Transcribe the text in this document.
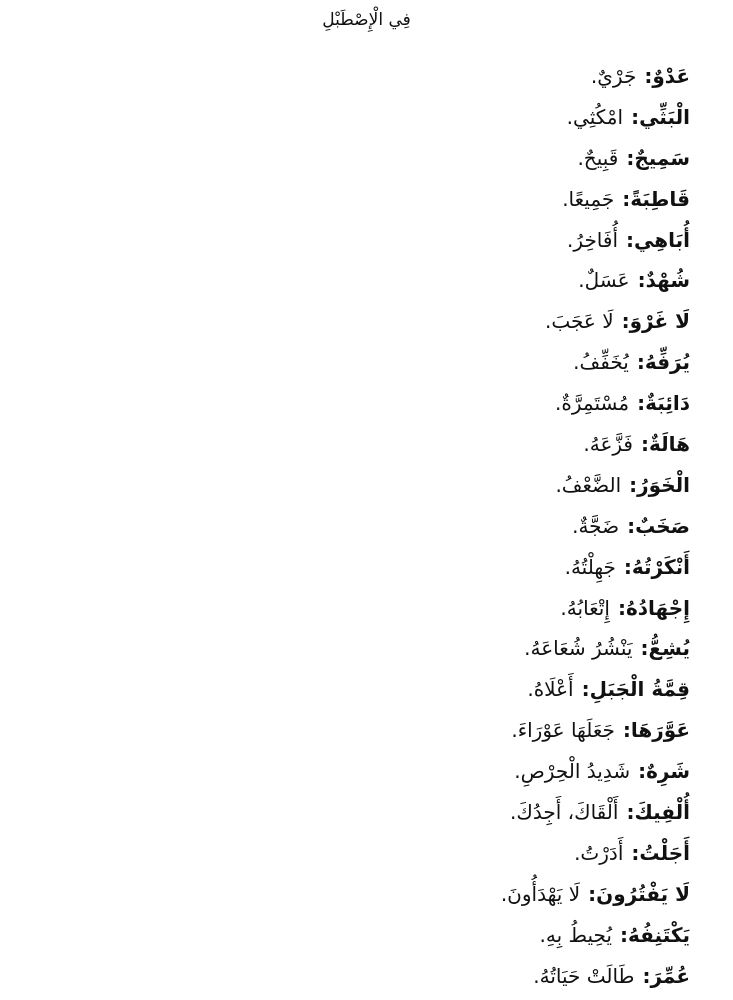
فِي الْإِصْطَبْلِ
عَدْوٌ:جَرْيٌ.
الْبَثِّي:امْكُثِي.
سَمِيجٌ:قَبِيحٌ.
قَاطِبَةً:جَمِيعًا.
أُبَاهِي:أُفَاخِرُ.
شُهْدٌ:عَسَلٌ.
لَا غَرْوَ:لَا عَجَبَ.
يُرَفِّهُ:يُخَفِّفُ.
دَائِبَةٌ:مُسْتَمِرَّةٌ.
هَالَةٌ:فَزَّعَهُ.
الْخَوَرُ:الضَّعْفُ.
صَخَبٌ:ضَجَّةٌ.
أَنْكَرْتُهُ:جَهِلْتُهُ.
إِجْهَادُهُ:إِتْعَابُهُ.
يُشِعُّ:يَنْشُرُ شُعَاعَهُ.
قِمَّةُ الْجَبَلِ:أَعْلَاهُ.
عَوَّرَهَا:جَعَلَهَا عَوْرَاءَ.
شَرِهٌ:شَدِيدُ الْحِرْصِ.
أُلْفِيكَ:أَلْقَاكَ، أَجِدُكَ.
أَجَلْتُ:أَدَرْتُ.
لَا يَفْتُرُونَ:لَا يَهْدَأُونَ.
يَكْتَنِفُهُ:يُحِيطُ بِهِ.
عُمِّرَ:طَالَتْ حَيَاتُهُ.
